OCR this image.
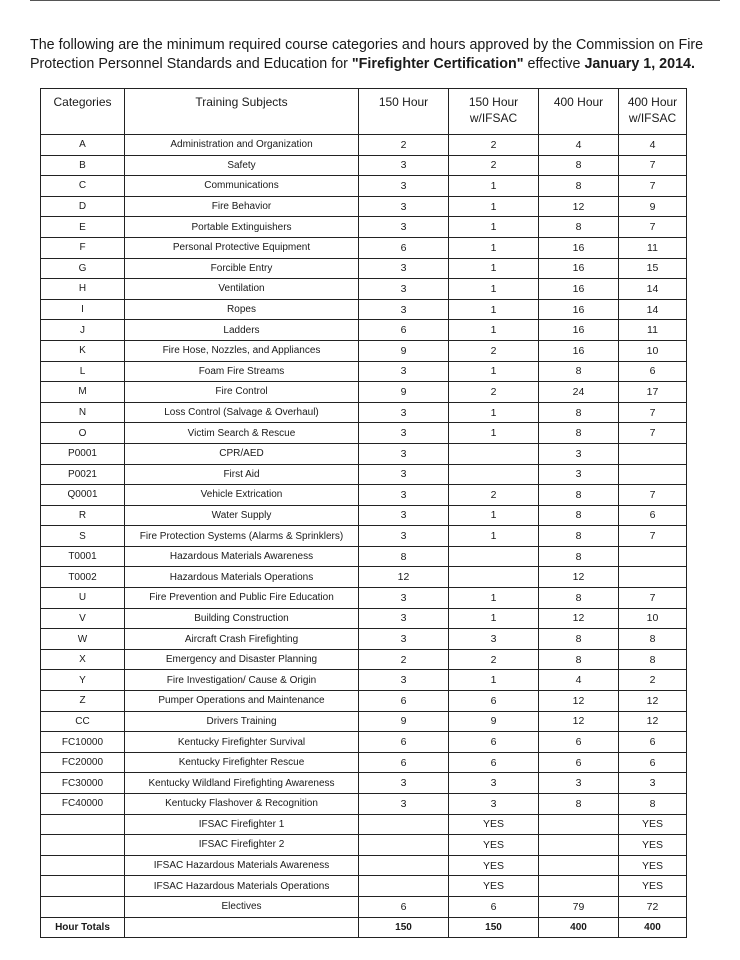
The following are the minimum required course categories and hours approved by the Commission on Fire Protection Personnel Standards and Education for "Firefighter Certification" effective January 1, 2014.
Categories	Training Subjects	150 Hour	150 Hour w/IFSAC	400 Hour	400 Hour w/IFSAC
A	Administration and Organization	2	2	4	4
B	Safety	3	2	8	7
C	Communications	3	1	8	7
D	Fire Behavior	3	1	12	9
E	Portable Extinguishers	3	1	8	7
F	Personal Protective Equipment	6	1	16	11
G	Forcible Entry	3	1	16	15
H	Ventilation	3	1	16	14
I	Ropes	3	1	16	14
J	Ladders	6	1	16	11
K	Fire Hose, Nozzles, and Appliances	9	2	16	10
L	Foam Fire Streams	3	1	8	6
M	Fire Control	9	2	24	17
N	Loss Control (Salvage & Overhaul)	3	1	8	7
O	Victim Search & Rescue	3	1	8	7
P0001	CPR/AED	3		3	
P0021	First Aid	3		3	
Q0001	Vehicle Extrication	3	2	8	7
R	Water Supply	3	1	8	6
S	Fire Protection Systems (Alarms & Sprinklers)	3	1	8	7
T0001	Hazardous Materials Awareness	8		8	
T0002	Hazardous Materials Operations	12		12	
U	Fire Prevention and Public Fire Education	3	1	8	7
V	Building Construction	3	1	12	10
W	Aircraft Crash Firefighting	3	3	8	8
X	Emergency and Disaster Planning	2	2	8	8
Y	Fire Investigation/ Cause & Origin	3	1	4	2
Z	Pumper Operations and Maintenance	6	6	12	12
CC	Drivers Training	9	9	12	12
FC10000	Kentucky Firefighter Survival	6	6	6	6
FC20000	Kentucky Firefighter Rescue	6	6	6	6
FC30000	Kentucky Wildland Firefighting Awareness	3	3	3	3
FC40000	Kentucky Flashover & Recognition	3	3	8	8
	IFSAC Firefighter 1		YES		YES
	IFSAC Firefighter 2		YES		YES
	IFSAC Hazardous Materials Awareness		YES		YES
	IFSAC Hazardous Materials Operations		YES		YES
	Electives	6	6	79	72
Hour Totals		150	150	400	400
